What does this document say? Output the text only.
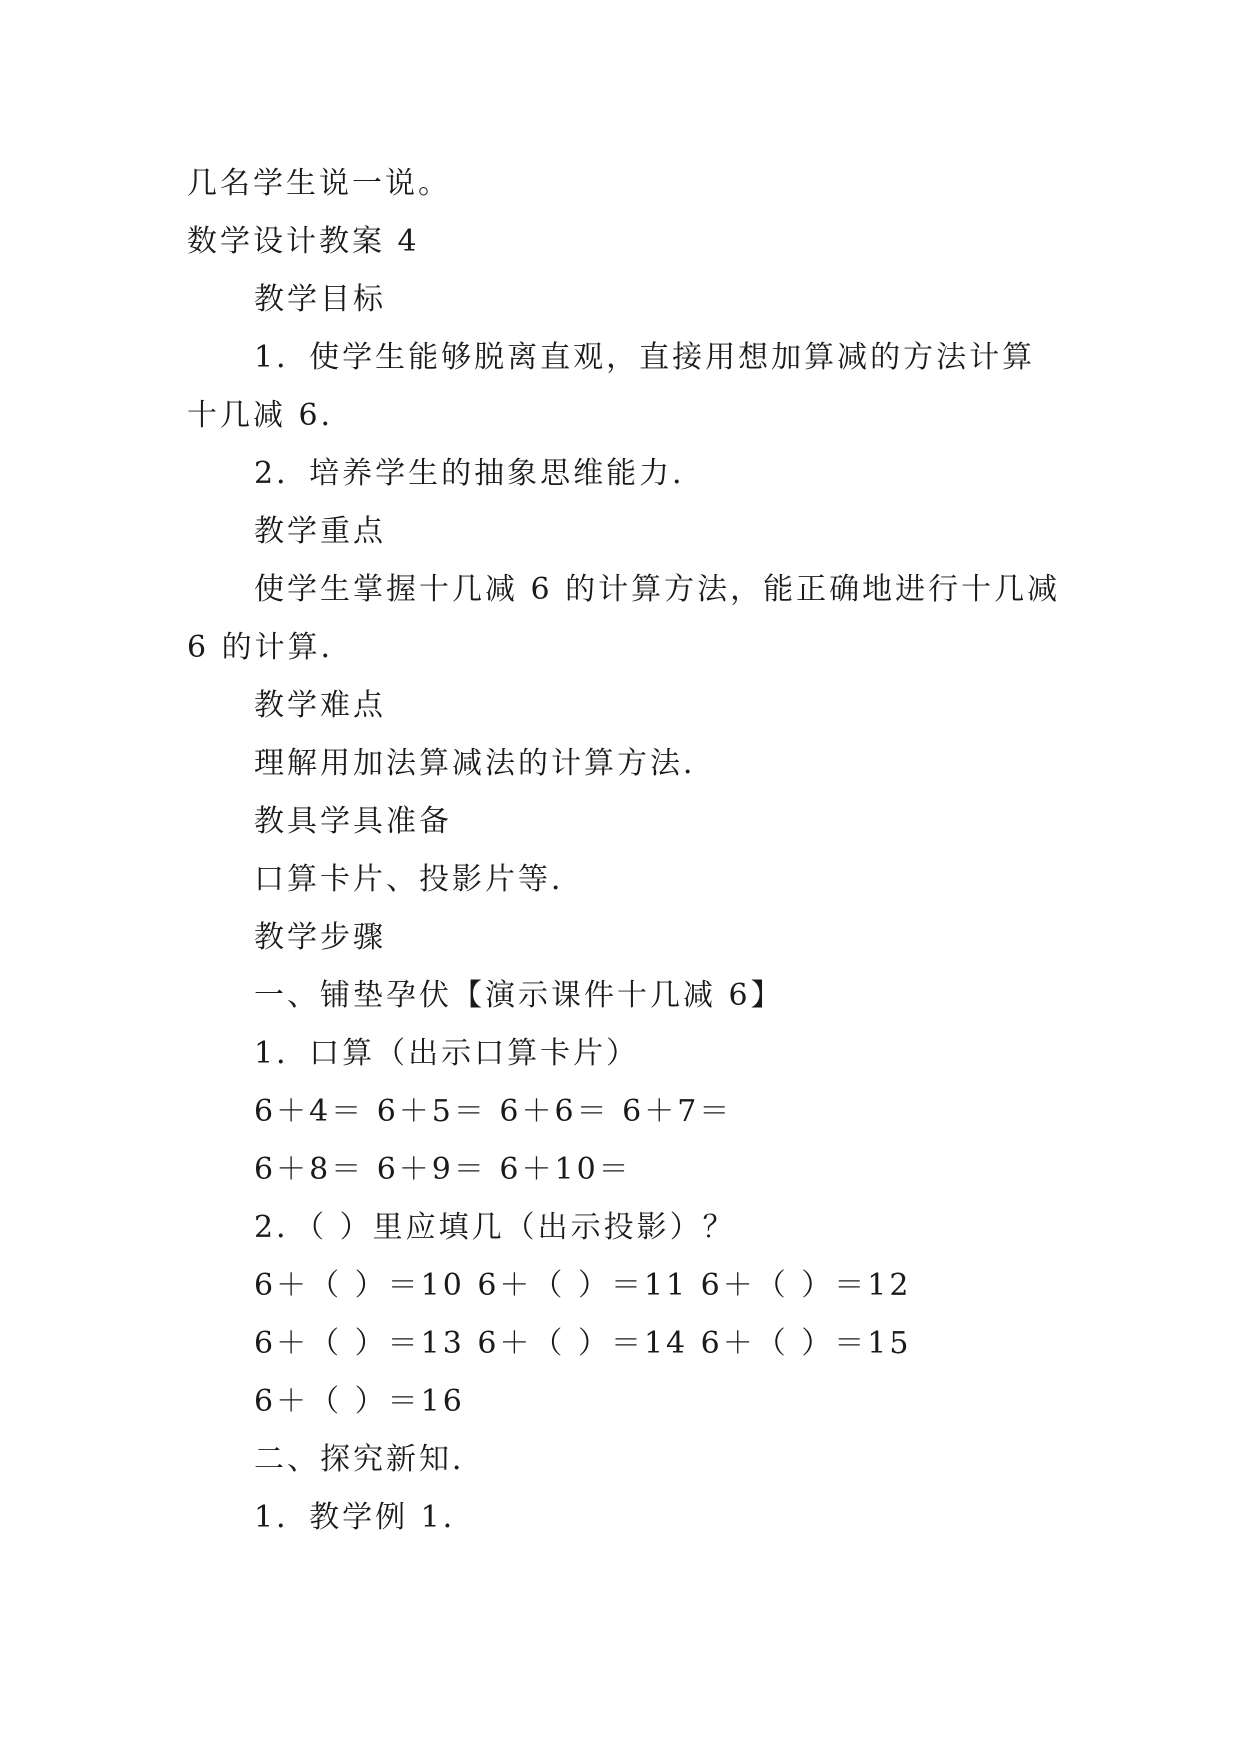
几名学生说一说。
数学设计教案 4
教学目标
1．使学生能够脱离直观，直接用想加算减的方法计算
十几减 6．
2．培养学生的抽象思维能力．
教学重点
使学生掌握十几减 6 的计算方法，能正确地进行十几减
6 的计算．
教学难点
理解用加法算减法的计算方法．
教具学具准备
口算卡片、投影片等．
教学步骤
一、铺垫孕伏【演示课件十几减 6】
1．口算（出示口算卡片）
6＋4＝ 6＋5＝ 6＋6＝ 6＋7＝
6＋8＝ 6＋9＝ 6＋10＝
2．（ ）里应填几（出示投影）？
6＋（ ）＝10 6＋（ ）＝11 6＋（ ）＝12
6＋（ ）＝13 6＋（ ）＝14 6＋（ ）＝15
6＋（ ）＝16
二、探究新知．
1．教学例 1．
